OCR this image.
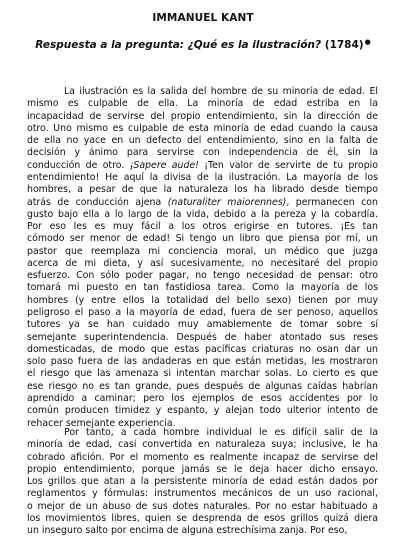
IMMANUEL KANT
Respuesta a la pregunta: ¿Qué es la ilustración? (1784)●
La ilustración es la salida del hombre de su minoría de edad. El
mismo es culpable de ella. La minoría de edad estriba en la
incapacidad de servirse del propio entendimiento, sin la dirección de
otro. Uno mismo es culpable de esta minoría de edad cuando la causa
de ella no yace en un defecto del entendimiento, sino en la falta de
decisión y ánimo para servirse con independencia de él, sin la
conducción de otro. ¡Sapere aude! ¡Ten valor de servirte de tu propio
entendimiento! He aquí la divisa de la ilustración. La mayoría de los
hombres, a pesar de que la naturaleza los ha librado desde tiempo
atrás de conducción ajena (naturaliter maiorennes), permanecen con
gusto bajo ella a lo largo de la vida, debido a la pereza y la cobardía.
Por eso les es muy fácil a los otros erigirse en tutores. ¡Es tan
cómodo ser menor de edad! Si tengo un libro que piensa por mí, un
pastor que reemplaza mi conciencia moral, un médico que juzga
acerca de mi dieta, y así sucesivamente, no necesitaré del propio
esfuerzo. Con sólo poder pagar, no tengo necesidad de pensar: otro
tomará mi puesto en tan fastidiosa tarea. Como la mayoría de los
hombres (y entre ellos la totalidad del bello sexo) tienen por muy
peligroso el paso a la mayoría de edad, fuera de ser penoso, aquellos
tutores ya se han cuidado muy amablemente de tomar sobre sí
semejante superintendencia. Después de haber atontado sus reses
domesticadas, de modo que estas pacíficas criaturas no osan dar un
solo paso fuera de las andaderas en que están metidas, les mostraron
el riesgo que las amenaza si intentan marchar solas. Lo cierto es que
ese riesgo no es tan grande, pues después de algunas caídas habrían
aprendido a caminar; pero los ejemplos de esos accidentes por lo
común producen timidez y espanto, y alejan todo ulterior intento de
rehacer semejante experiencia.
Por tanto, a cada hombre individual le es difícil salir de la
minoría de edad, casi convertida en naturaleza suya; inclusive, le ha
cobrado afición. Por el momento es realmente incapaz de servirse del
propio entendimiento, porque jamás se le deja hacer dicho ensayo.
Los grillos que atan a la persistente minoría de edad están dados por
reglamentos y fórmulas: instrumentos mecánicos de un uso racional,
o mejor de un abuso de sus dotes naturales. Por no estar habituado a
los movimientos libres, quien se desprenda de esos grillos quizá diera
un inseguro salto por encima de alguna estrechísima zanja. Por eso,
